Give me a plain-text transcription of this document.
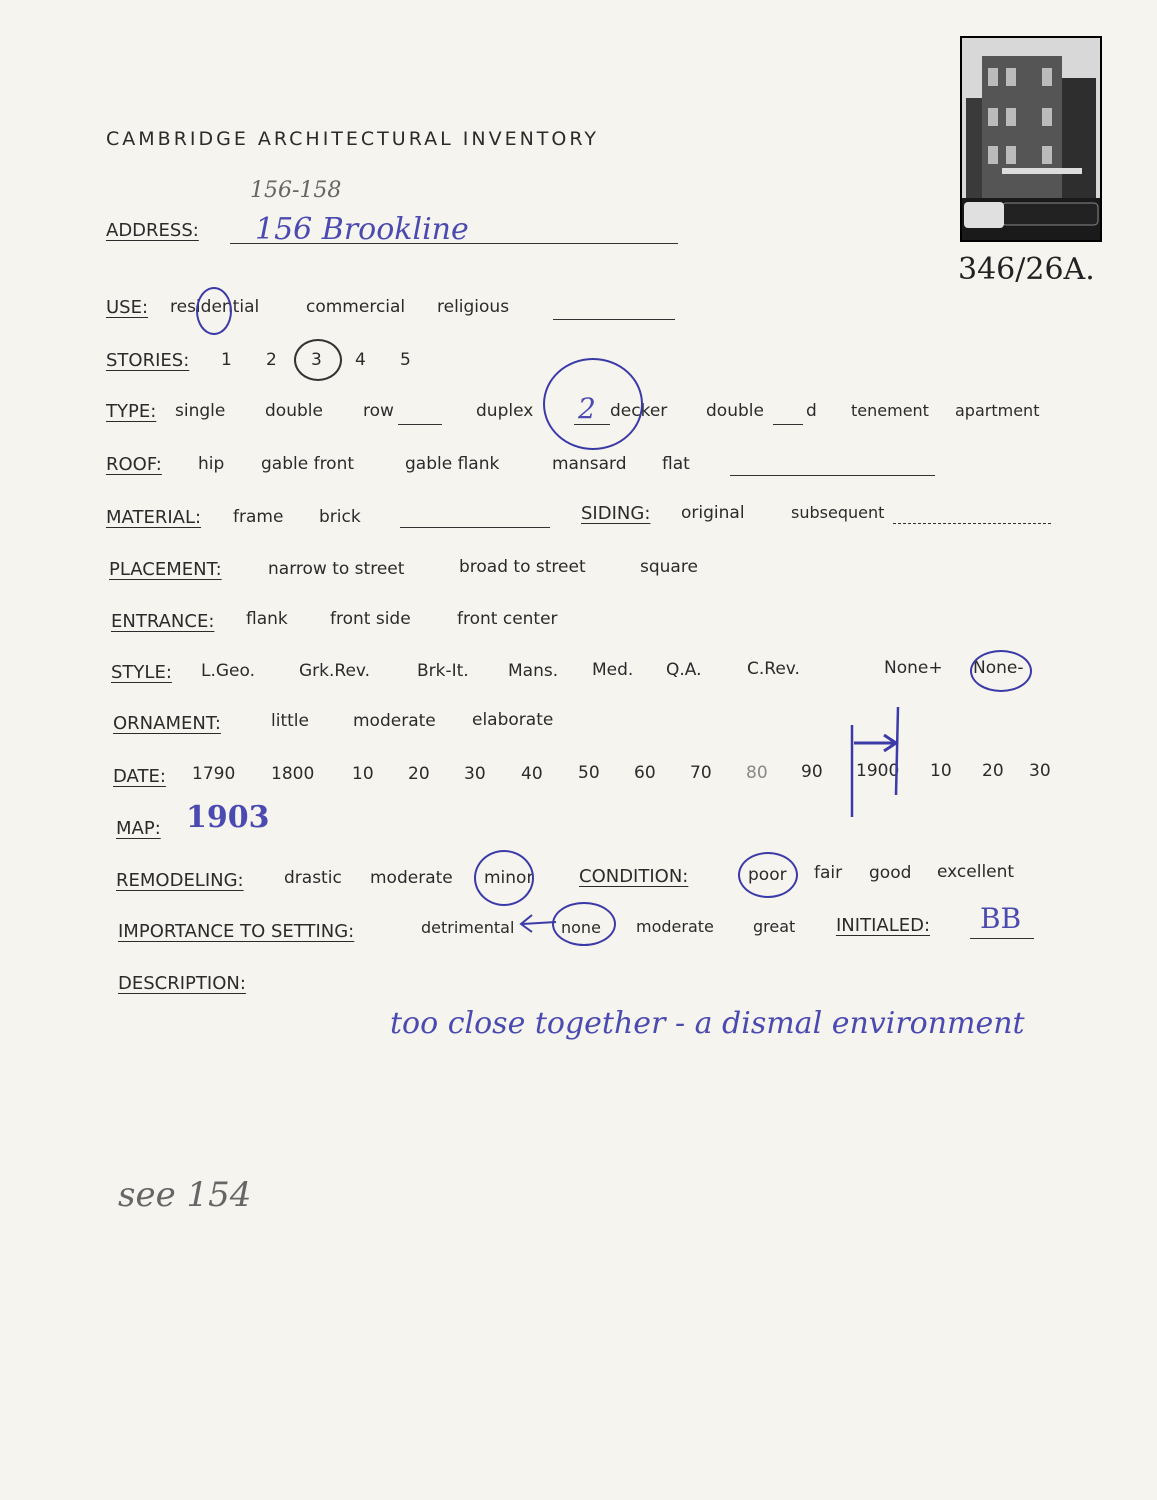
CAMBRIDGE ARCHITECTURAL INVENTORY
346/26A.
156-158
ADDRESS: 156 Brookline
USE: residential	commercial religious
STORIES: 1 2 3 4 5
TYPE: single double row	duplex 2 decker double d tenement apartment
ROOF: hip gable front	gable flank	mansard flat
MATERIAL: frame brick	SIDING: original	subsequent
PLACEMENT:	narrow to street	broad to street	square
ENTRANCE: flank front side	front center
STYLE: L.Geo.	Grk.Rev.	Brk-It. Mans. Med. Q.A.	C.Rev.	None+ None-
ORNAMENT:	little	moderate elaborate
DATE: 1790 1800 10 20 30 40 50 60 70 80 90 1900 10 20 30
MAP: 1903
REMODELING: drastic moderate minor	CONDITION:	poor fair good excellent
IMPORTANCE TO SETTING:	detrimental	none moderate great INITIALED: BB
DESCRIPTION:
too close together - a dismal environment
see 154
